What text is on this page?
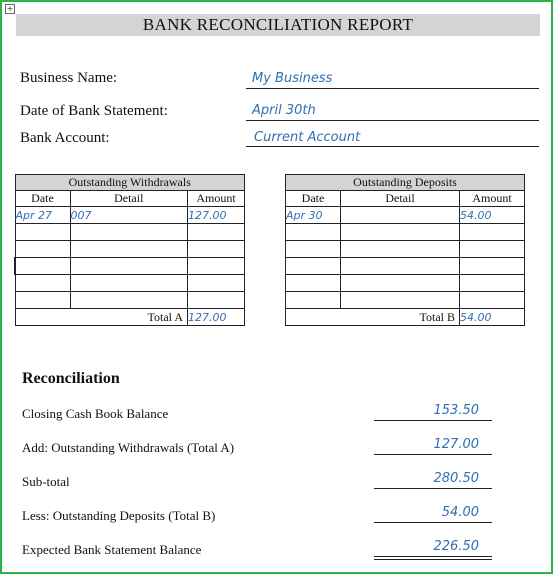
+
BANK RECONCILIATION REPORT
Business Name:	My Business
Date of Bank Statement:	April 30th
Bank Account:	Current Account
Outstanding Withdrawals		
Date	Detail	Amount
Apr 27	007	127.00

Total A		127.00
Outstanding Deposits		
Date	Detail	Amount
Apr 30		54.00

Total B		54.00
Reconciliation
Closing Cash Book Balance	153.50
Add: Outstanding Withdrawals (Total A)	127.00
Sub-total	280.50
Less: Outstanding Deposits (Total B)	54.00
Expected Bank Statement Balance	226.50
